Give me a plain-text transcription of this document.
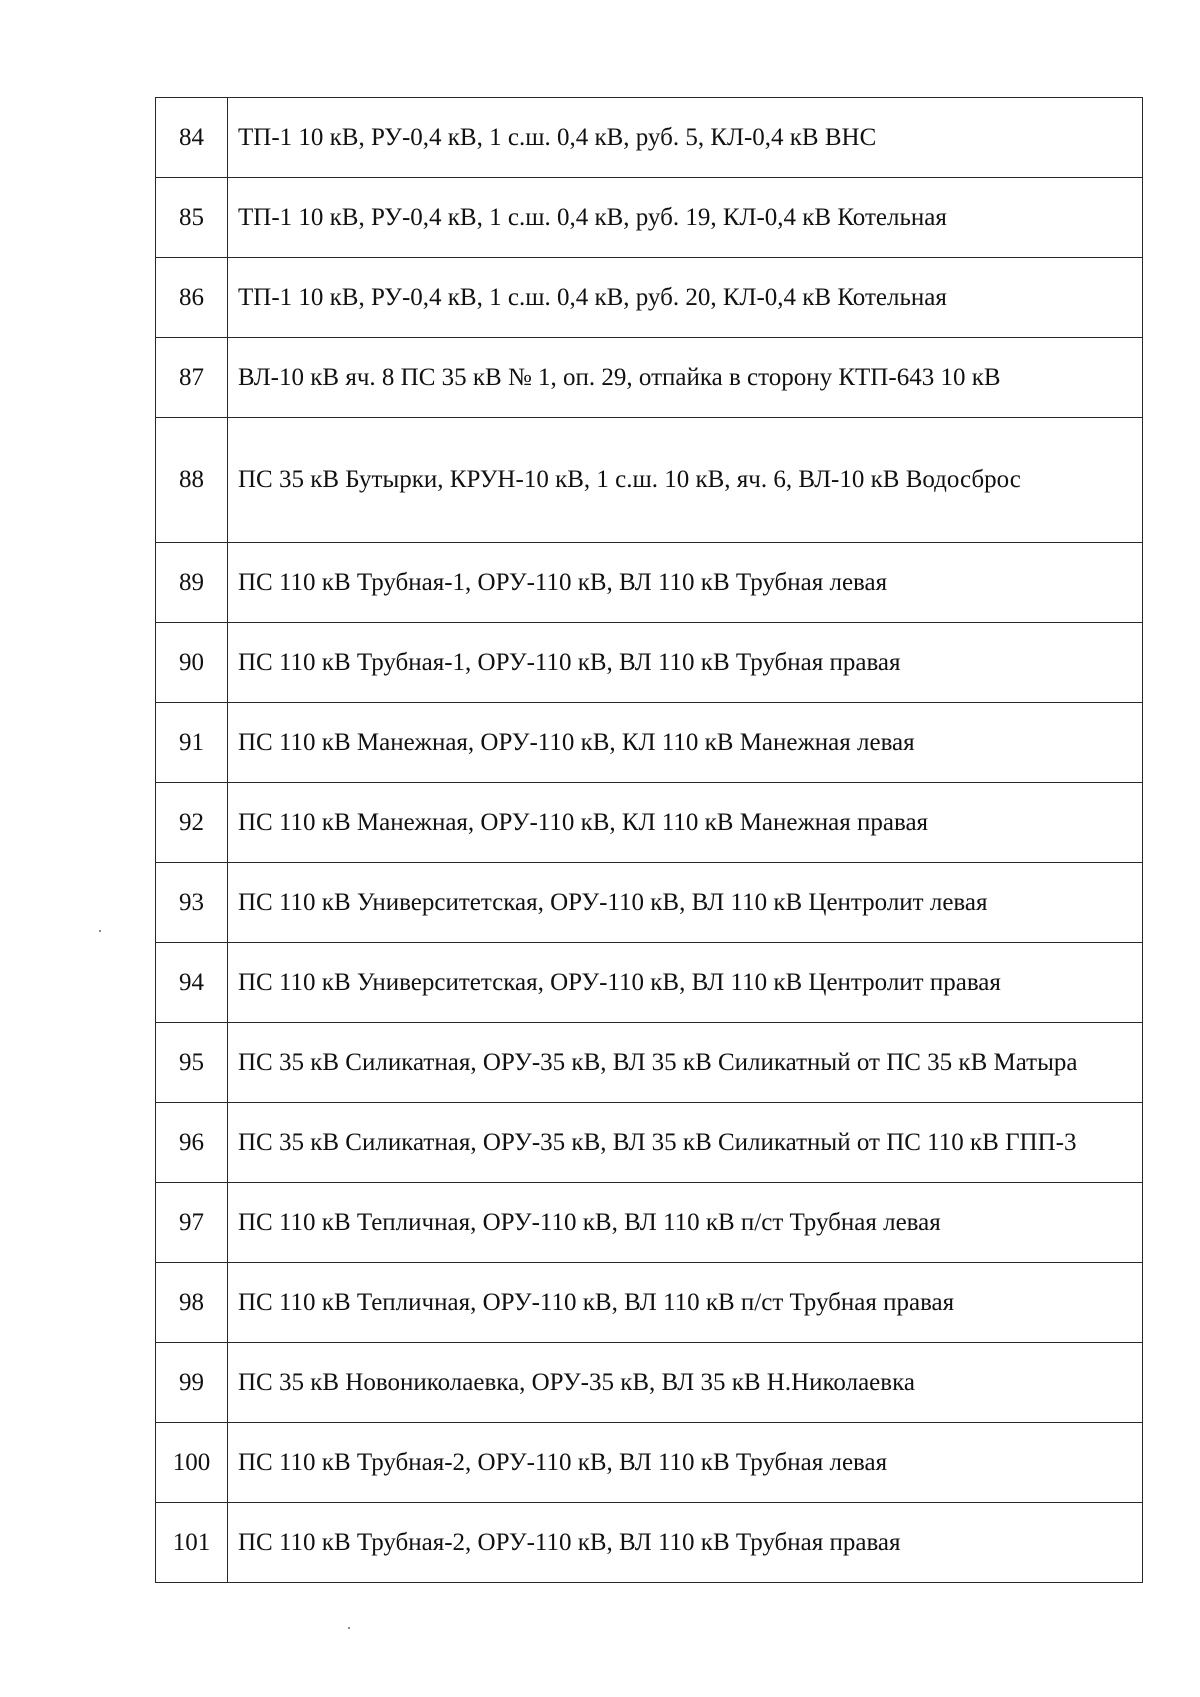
84	ТП-1 10 кВ, РУ-0,4 кВ, 1 с.ш. 0,4 кВ, руб. 5, КЛ-0,4 кВ ВНС
85	ТП-1 10 кВ, РУ-0,4 кВ, 1 с.ш. 0,4 кВ, руб. 19, КЛ-0,4 кВ Котельная
86	ТП-1 10 кВ, РУ-0,4 кВ, 1 с.ш. 0,4 кВ, руб. 20, КЛ-0,4 кВ Котельная
87	ВЛ-10 кВ яч. 8 ПС 35 кВ № 1, оп. 29, отпайка в сторону КТП-643 10 кВ
88	ПС 35 кВ Бутырки, КРУН-10 кВ, 1 с.ш. 10 кВ, яч. 6, ВЛ-10 кВ Водосброс
89	ПС 110 кВ Трубная-1, ОРУ-110 кВ, ВЛ 110 кВ Трубная левая
90	ПС 110 кВ Трубная-1, ОРУ-110 кВ, ВЛ 110 кВ Трубная правая
91	ПС 110 кВ Манежная, ОРУ-110 кВ, КЛ 110 кВ Манежная левая
92	ПС 110 кВ Манежная, ОРУ-110 кВ, КЛ 110 кВ Манежная правая
93	ПС 110 кВ Университетская, ОРУ-110 кВ, ВЛ 110 кВ Центролит левая
94	ПС 110 кВ Университетская, ОРУ-110 кВ, ВЛ 110 кВ Центролит правая
95	ПС 35 кВ Силикатная, ОРУ-35 кВ, ВЛ 35 кВ Силикатный от ПС 35 кВ Матыра
96	ПС 35 кВ Силикатная, ОРУ-35 кВ, ВЛ 35 кВ Силикатный от ПС 110 кВ ГПП-3
97	ПС 110 кВ Тепличная, ОРУ-110 кВ, ВЛ 110 кВ п/ст Трубная левая
98	ПС 110 кВ Тепличная, ОРУ-110 кВ, ВЛ 110 кВ п/ст Трубная правая
99	ПС 35 кВ Новониколаевка, ОРУ-35 кВ, ВЛ 35 кВ Н.Николаевка
100	ПС 110 кВ Трубная-2, ОРУ-110 кВ, ВЛ 110 кВ Трубная левая
101	ПС 110 кВ Трубная-2, ОРУ-110 кВ, ВЛ 110 кВ Трубная правая
